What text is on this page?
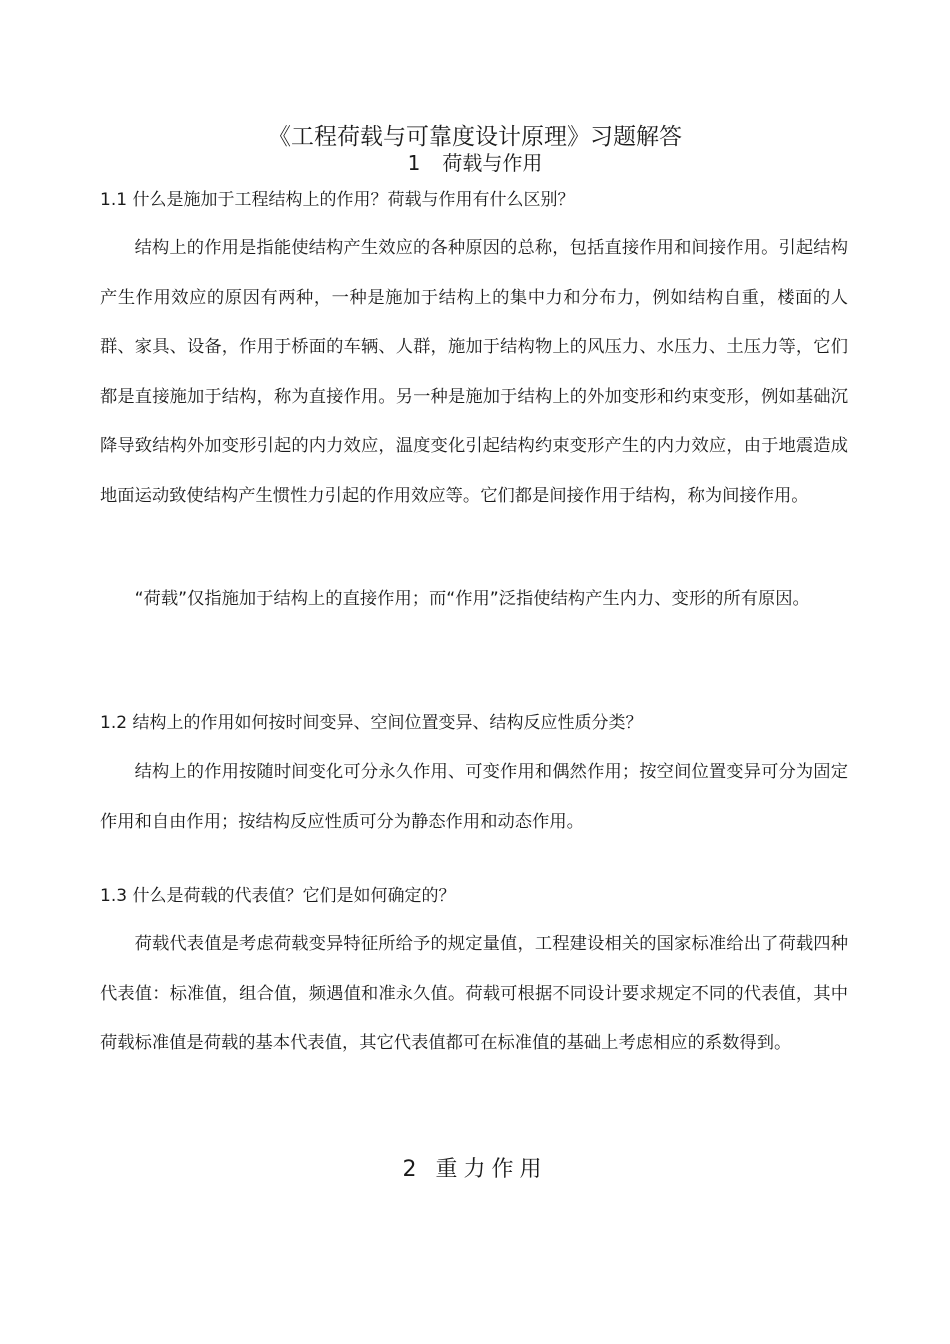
《工程荷载与可靠度设计原理》习题解答
1 荷载与作用

1.1 什么是施加于工程结构上的作用？荷载与作用有什么区别？

结构上的作用是指能使结构产生效应的各种原因的总称，包括直接作用和间接作用。引起结构产生作用效应的原因有两种，一种是施加于结构上的集中力和分布力，例如结构自重，楼面的人群、家具、设备，作用于桥面的车辆、人群，施加于结构物上的风压力、水压力、土压力等，它们都是直接施加于结构，称为直接作用。另一种是施加于结构上的外加变形和约束变形，例如基础沉降导致结构外加变形引起的内力效应，温度变化引起结构约束变形产生的内力效应，由于地震造成地面运动致使结构产生惯性力引起的作用效应等。它们都是间接作用于结构，称为间接作用。

“荷载”仅指施加于结构上的直接作用；而“作用”泛指使结构产生内力、变形的所有原因。

1.2 结构上的作用如何按时间变异、空间位置变异、结构反应性质分类？

结构上的作用按随时间变化可分永久作用、可变作用和偶然作用；按空间位置变异可分为固定作用和自由作用；按结构反应性质可分为静态作用和动态作用。

1.3 什么是荷载的代表值？它们是如何确定的？

荷载代表值是考虑荷载变异特征所给予的规定量值，工程建设相关的国家标准给出了荷载四种代表值：标准值，组合值，频遇值和准永久值。荷载可根据不同设计要求规定不同的代表值，其中荷载标准值是荷载的基本代表值，其它代表值都可在标准值的基础上考虑相应的系数得到。

2 重力作用
